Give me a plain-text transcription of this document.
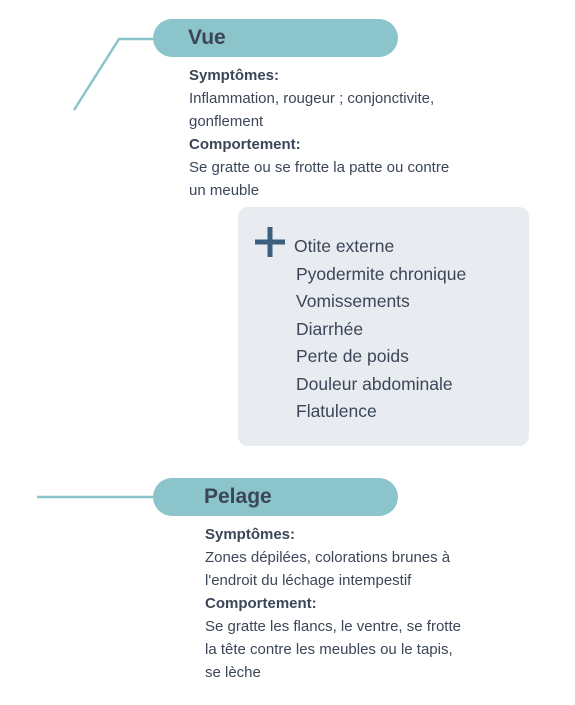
Vue
Symptômes:
Inflammation, rougeur ; conjonctivite, gonflement
Comportement:
Se gratte ou se frotte la patte ou contre un meuble
Otite externe
Pyodermite chronique
Vomissements
Diarrhée
Perte de poids
Douleur abdominale
Flatulence
Pelage
Symptômes:
Zones dépilées, colorations brunes à l'endroit du léchage intempestif
Comportement:
Se gratte les flancs, le ventre, se frotte la tête contre les meubles ou le tapis, se lèche
